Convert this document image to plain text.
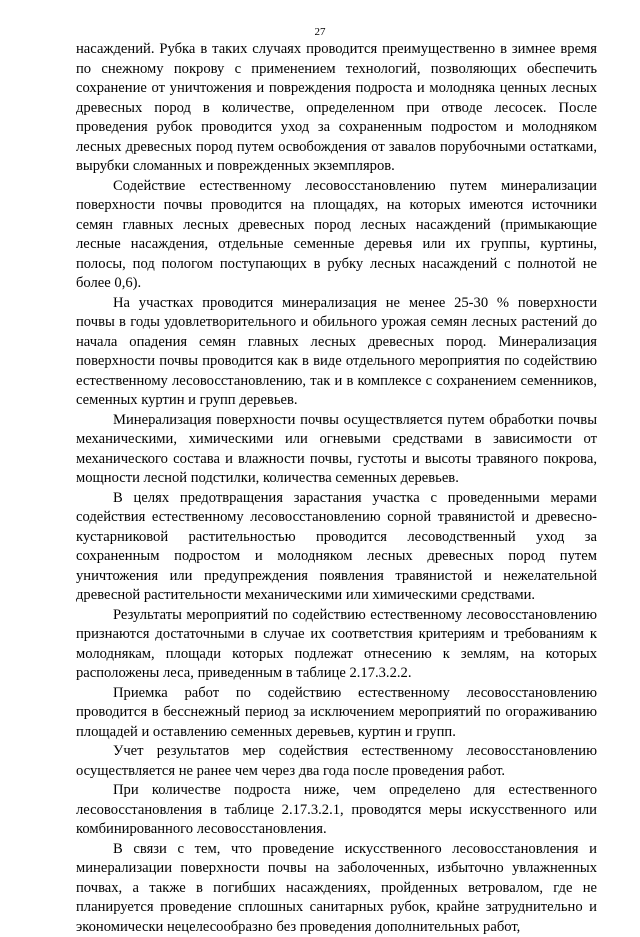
27

насаждений. Рубка в таких случаях проводится преимущественно в зимнее время по снежному покрову с применением технологий, позволяющих обеспечить сохранение от уничтожения и повреждения подроста и молодняка ценных лесных древесных пород в количестве, определенном при отводе лесосек. После проведения рубок проводится уход за сохраненным подростом и молодняком лесных древесных пород путем освобождения от завалов порубочными остатками, вырубки сломанных и поврежденных экземпляров.

Содействие естественному лесовосстановлению путем минерализации поверхности почвы проводится на площадях, на которых имеются источники семян главных лесных древесных пород лесных насаждений (примыкающие лесные насаждения, отдельные семенные деревья или их группы, куртины, полосы, под пологом поступающих в рубку лесных насаждений с полнотой не более 0,6).

На участках проводится минерализация не менее 25-30 % поверхности почвы в годы удовлетворительного и обильного урожая семян лесных растений до начала опадения семян главных лесных древесных пород. Минерализация поверхности почвы проводится как в виде отдельного мероприятия по содействию естественному лесовосстановлению, так и в комплексе с сохранением семенников, семенных куртин и групп деревьев.

Минерализация поверхности почвы осуществляется путем обработки почвы механическими, химическими или огневыми средствами в зависимости от механического состава и влажности почвы, густоты и высоты травяного покрова, мощности лесной подстилки, количества семенных деревьев.

В целях предотвращения зарастания участка с проведенными мерами содействия естественному лесовосстановлению сорной травянистой и древесно-кустарниковой растительностью проводится лесоводственный уход за сохраненным подростом и молодняком лесных древесных пород путем уничтожения или предупреждения появления травянистой и нежелательной древесной растительности механическими или химическими средствами.

Результаты мероприятий по содействию естественному лесовосстановлению признаются достаточными в случае их соответствия критериям и требованиям к молоднякам, площади которых подлежат отнесению к землям, на которых расположены леса, приведенным в таблице 2.17.3.2.2.

Приемка работ по содействию естественному лесовосстановлению проводится в бесснежный период за исключением мероприятий по огораживанию площадей и оставлению семенных деревьев, куртин и групп.

Учет результатов мер содействия естественному лесовосстановлению осуществляется не ранее чем через два года после проведения работ.

При количестве подроста ниже, чем определено для естественного лесовосстановления в таблице 2.17.3.2.1, проводятся меры искусственного или комбинированного лесовосстановления.

В связи с тем, что проведение искусственного лесовосстановления и минерализации поверхности почвы на заболоченных, избыточно увлажненных почвах, а также в погибших насаждениях, пройденных ветровалом, где не планируется проведение сплошных санитарных рубок, крайне затруднительно и экономически нецелесообразно без проведения дополнительных работ,
